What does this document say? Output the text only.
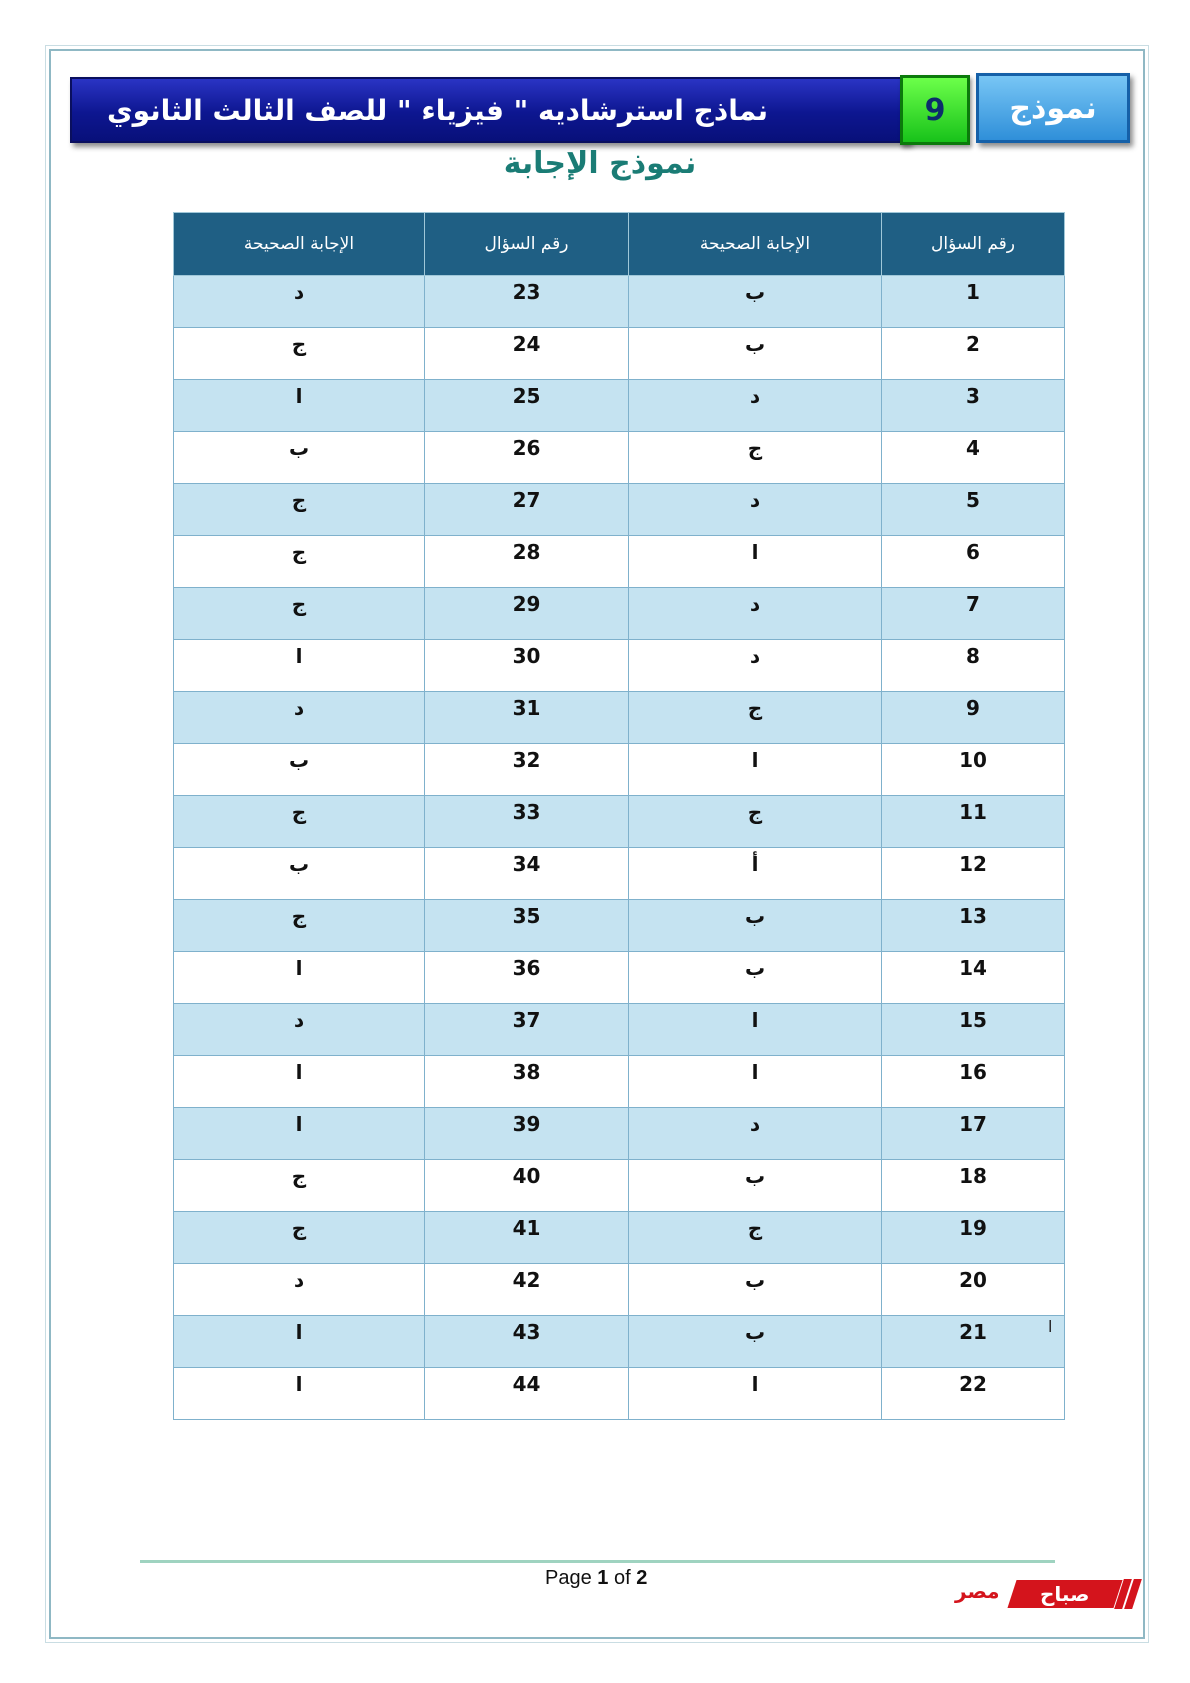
نماذج استرشاديه " فيزياء " للصف الثالث الثانوي	9 نموذج
نموذج الإجابة
رقم السؤال	الإجابة الصحيحة	رقم السؤال	الإجابة الصحيحة
1	ب	23	د
2	ب	24	ج
3	د	25	ا
4	ج	26	ب
5	د	27	ج
6	ا	28	ج
7	د	29	ج
8	د	30	ا
9	ج	31	د
10	ا	32	ب
11	ج	33	ج
12	أ	34	ب
13	ب	35	ج
14	ب	36	ا
15	ا	37	د
16	ا	38	ا
17	د	39	ا
18	ب	40	ج
19	ج	41	ج
20	ب	42	د
21	ب	43	ا
22	ا	44	ا
ا
Page 1 of 2
صباح
مصر
